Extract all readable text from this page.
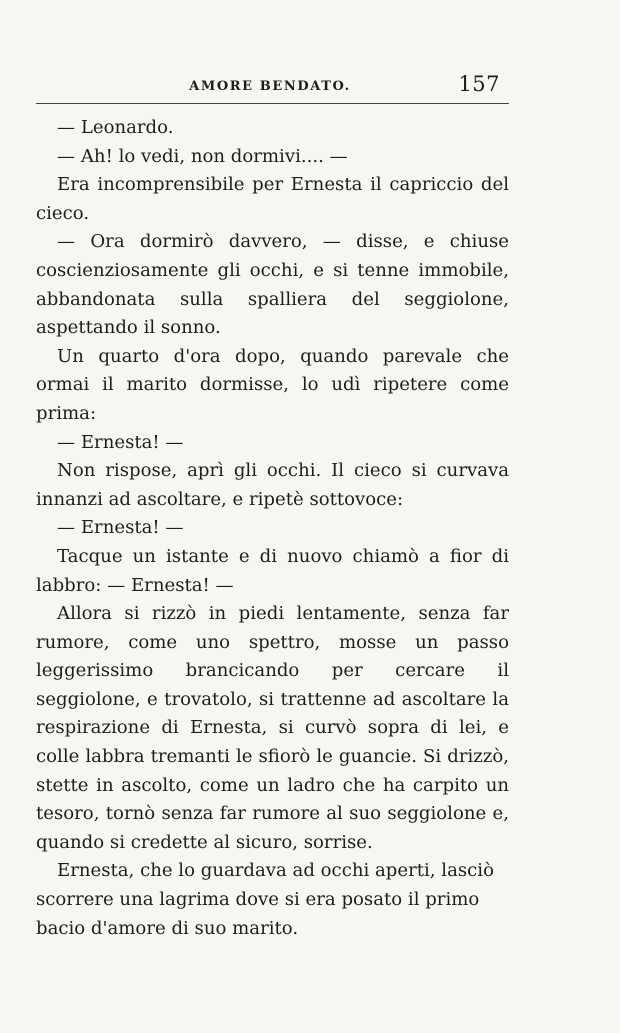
AMORE BENDATO.	157

— Leonardo.

— Ah! lo vedi, non dormivi.... —

Era incomprensibile per Ernesta il capriccio del cieco.

— Ora dormirò davvero, — disse, e chiuse coscienziosamente gli occhi, e si tenne immobile, abbandonata sulla spalliera del seggiolone, aspettando il sonno.

Un quarto d'ora dopo, quando parevale che ormai il marito dormisse, lo udì ripetere come prima:

— Ernesta! —

Non rispose, aprì gli occhi. Il cieco si curvava innanzi ad ascoltare, e ripetè sottovoce:

— Ernesta! —

Tacque un istante e di nuovo chiamò a fior di labbro: — Ernesta! —

Allora si rizzò in piedi lentamente, senza far rumore, come uno spettro, mosse un passo leggerissimo brancicando per cercare il seggiolone, e trovatolo, si trattenne ad ascoltare la respirazione di Ernesta, si curvò sopra di lei, e colle labbra tremanti le sfiorò le guancie. Si drizzò, stette in ascolto, come un ladro che ha carpito un tesoro, tornò senza far rumore al suo seggiolone e, quando si credette al sicuro, sorrise.

Ernesta, che lo guardava ad occhi aperti, lasciò scorrere una lagrima dove si era posato il primo bacio d'amore di suo marito.
